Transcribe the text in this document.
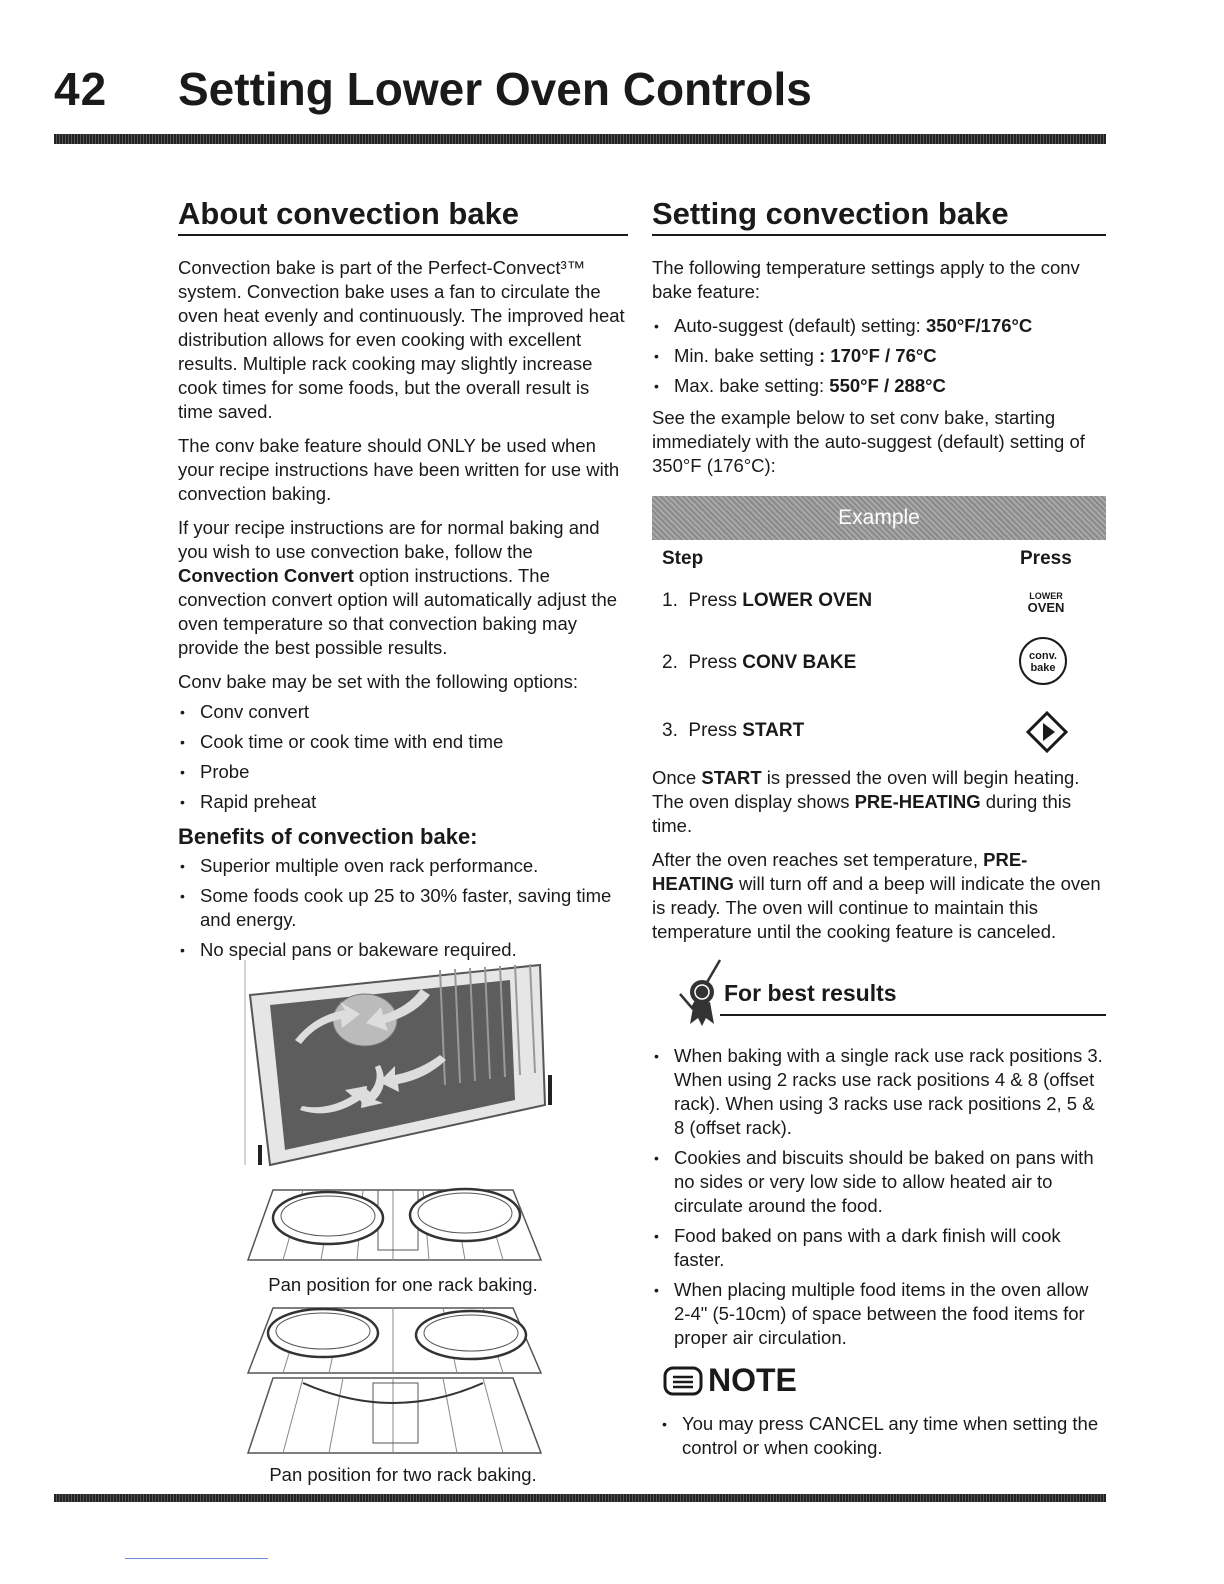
42 Setting Lower Oven Controls
About convection bake

Convection bake is part of the Perfect-Convect³™ system. Convection bake uses a fan to circulate the oven heat evenly and continuously. The improved heat distribution allows for even cooking with excellent results. Multiple rack cooking may slightly increase cook times for some foods, but the overall result is time saved.

The conv bake feature should ONLY be used when your recipe instructions have been written for use with convection baking.

If your recipe instructions are for normal baking and you wish to use convection bake, follow the Convection Convert option instructions. The convection convert option will automatically adjust the oven temperature so that convection baking may provide the best possible results.

Conv bake may be set with the following options:

• Conv convert
• Cook time or cook time with end time
• Probe
• Rapid preheat
Benefits of convection bake:
• Superior multiple oven rack performance.
• Some foods cook up 25 to 30% faster, saving time and energy.
• No special pans or bakeware required.
Pan position for one rack baking.
Pan position for two rack baking.
Setting convection bake

The following temperature settings apply to the conv bake feature:

• Auto-suggest (default) setting: 350°F/176°C
• Min. bake setting : 170°F / 76°C
• Max. bake setting: 550°F / 288°C

See the example below to set conv bake, starting immediately with the auto-suggest (default) setting of 350°F (176°C):

Example
Step	Press
1. Press LOWER OVEN	LOWER
OVEN
2. Press CONV BAKE	conv.
bake
3. Press START

Once START is pressed the oven will begin heating. The oven display shows PRE-HEATING during this time.

After the oven reaches set temperature, PRE-HEATING will turn off and a beep will indicate the oven is ready. The oven will continue to maintain this temperature until the cooking feature is canceled.

For best results
• When baking with a single rack use rack positions 3. When using 2 racks use rack positions 4 & 8 (offset rack). When using 3 racks use rack positions 2, 5 & 8 (offset rack).
• Cookies and biscuits should be baked on pans with no sides or very low side to allow heated air to circulate around the food.
• Food baked on pans with a dark finish will cook faster.
• When placing multiple food items in the oven allow 2-4" (5-10cm) of space between the food items for proper air circulation.
NOTE
• You may press CANCEL any time when setting the control or when cooking.
